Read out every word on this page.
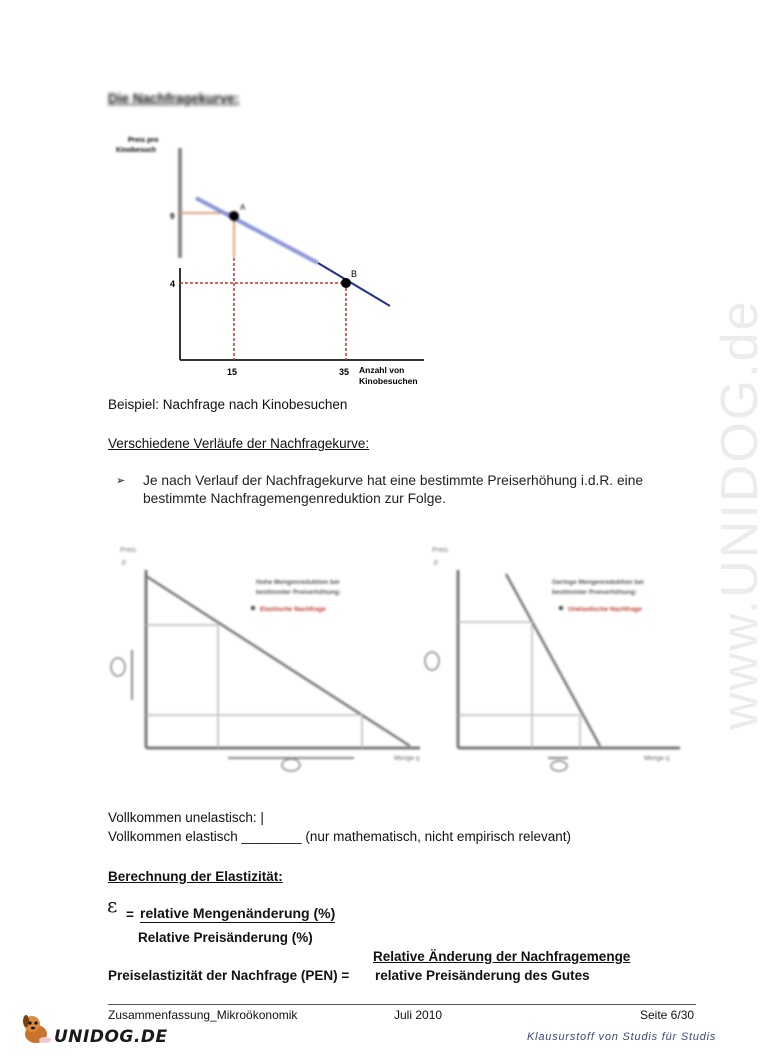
www.UNIDOG.de
Die Nachfragekurve:
Preis pro
Kinobesuch
A
9
B
4
15	35 Anzahl von
Kinobesuchen
Beispiel: Nachfrage nach Kinobesuchen
Verschiedene Verläufe der Nachfragekurve:
➢ Je nach Verlauf der Nachfragekurve hat eine bestimmte Preiserhöhung i.d.R. eine
bestimmte Nachfragemengenreduktion zur Folge.
Preis
p
Hohe Mengenreduktion bei
bestimmter Preiserhöhung:
Elastische Nachfrage
Menge q
Preis
p
Geringe Mengenreduktion bei
bestimmter Preiserhöhung:
Unelastische Nachfrage
Menge q
Vollkommen unelastisch: |
Vollkommen elastisch ________ (nur mathematisch, nicht empirisch relevant)
Berechnung der Elastizität:
ε = relative Mengenänderung (%)
Relative Preisänderung (%)
Relative Änderung der Nachfragemenge
Preiselastizität der Nachfrage (PEN) = relative Preisänderung des Gutes
Zusammenfassung_Mikroökonomik	Juli 2010	Seite 6/30
UNIDOG.DE	Klausurstoff von Studis für Studis
